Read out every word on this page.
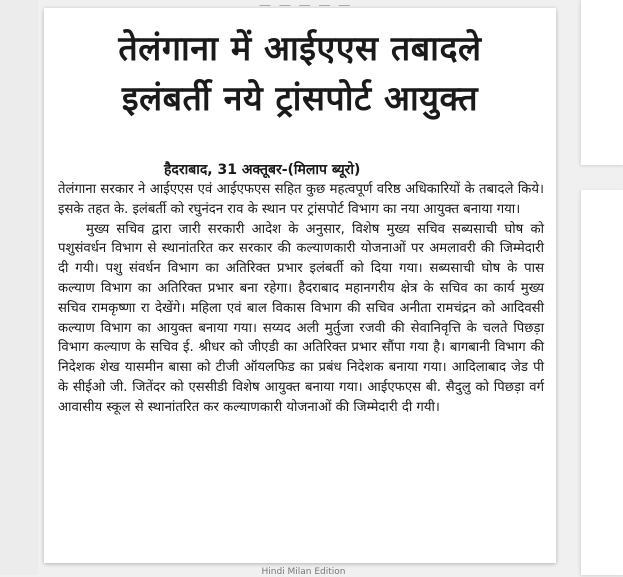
— — — — —
तेलंगाना में आईएएस तबादले
इलंबर्ती नये ट्रांसपोर्ट आयुक्त
हैदराबाद, 31 अक्तूबर-(मिलाप ब्यूरो)

तेलंगाना सरकार ने आईएएस एवं आईएफएस सहित कुछ महत्वपूर्ण वरिष्ठ अधिकारियों के तबादले किये। इसके तहत के. इलंबर्ती को रघुनंदन राव के स्थान पर ट्रांसपोर्ट विभाग का नया आयुक्त बनाया गया।

मुख्य सचिव द्वारा जारी सरकारी आदेश के अनुसार, विशेष मुख्य सचिव सब्यसाची घोष को पशुसंवर्धन विभाग से स्थानांतरित कर सरकार की कल्याणकारी योजनाओं पर अमलावरी की जिम्मेदारी दी गयी। पशु संवर्धन विभाग का अतिरिक्त प्रभार इलंबर्ती को दिया गया। सब्यसाची घोष के पास कल्याण विभाग का अतिरिक्त प्रभार बना रहेगा। हैदराबाद महानगरीय क्षेत्र के सचिव का कार्य मुख्य सचिव रामकृष्णा रा देखेंगे। महिला एवं बाल विकास विभाग की सचिव अनीता रामचंद्रन को आदिवसी कल्याण विभाग का आयुक्त बनाया गया। सय्यद अली मुर्तुजा रजवी की सेवानिवृत्ति के चलते पिछड़ा विभाग कल्याण के सचिव ई. श्रीधर को जीएडी का अतिरिक्त प्रभार सौंपा गया है। बागबानी विभाग की निदेशक शेख यासमीन बासा को टीजी ऑयलफिड का प्रबंध निदेशक बनाया गया। आदिलाबाद जेड पी के सीईओ जी. जितेंदर को एससीडी विशेष आयुक्त बनाया गया। आईएफएस बी. सैदुलु को पिछड़ा वर्ग आवासीय स्कूल से स्थानांतरित कर कल्याणकारी योजनाओं की जिम्मेदारी दी गयी।

Hindi Milan Edition
